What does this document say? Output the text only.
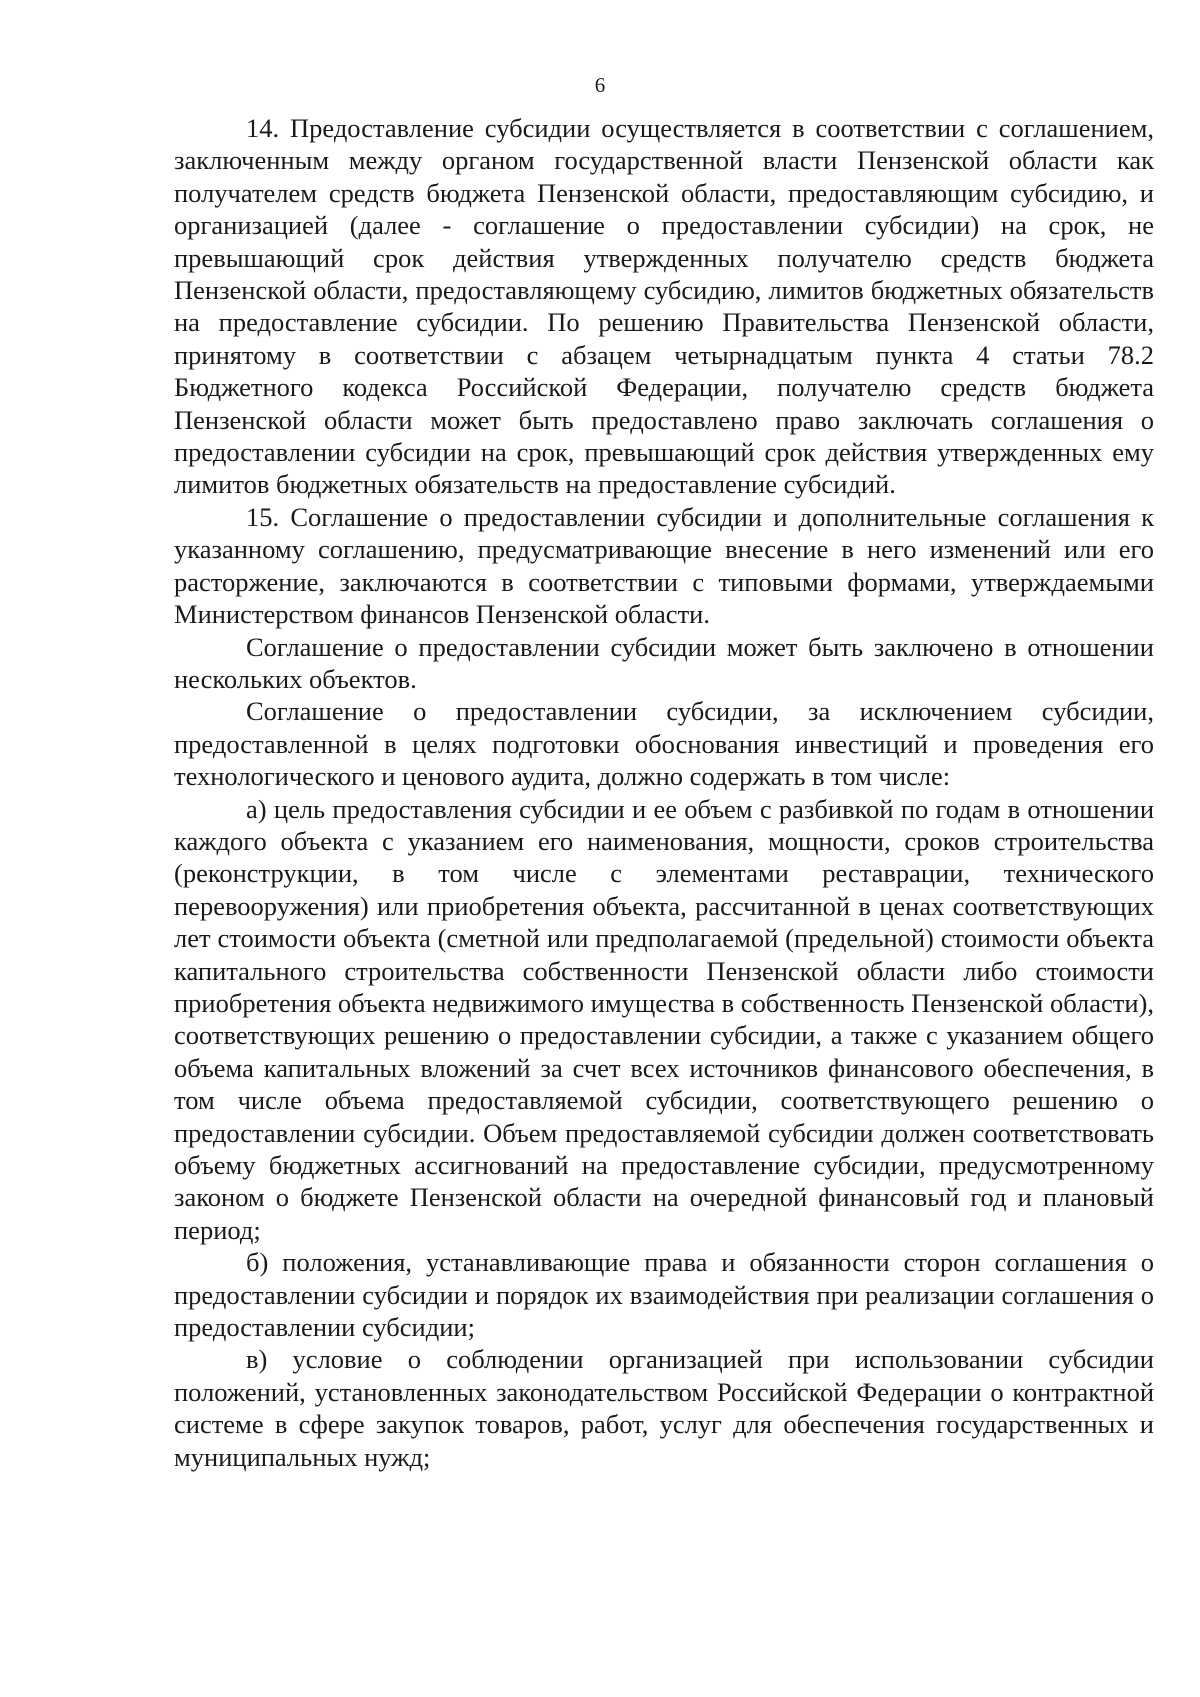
6

14. Предоставление субсидии осуществляется в соответствии с соглашением, заключенным между органом государственной власти Пензенской области как получателем средств бюджета Пензенской области, предоставляющим субсидию, и организацией (далее - соглашение о предоставлении субсидии) на срок, не превышающий срок действия утвержденных получателю средств бюджета Пензенской области, предоставляющему субсидию, лимитов бюджетных обязательств на предоставление субсидии. По решению Правительства Пензенской области, принятому в соответствии с абзацем четырнадцатым пункта 4 статьи 78.2 Бюджетного кодекса Российской Федерации, получателю средств бюджета Пензенской области может быть предоставлено право заключать соглашения о предоставлении субсидии на срок, превышающий срок действия утвержденных ему лимитов бюджетных обязательств на предоставление субсидий.

15. Соглашение о предоставлении субсидии и дополнительные соглашения к указанному соглашению, предусматривающие внесение в него изменений или его расторжение, заключаются в соответствии с типовыми формами, утверждаемыми Министерством финансов Пензенской области.

Соглашение о предоставлении субсидии может быть заключено в отношении нескольких объектов.

Соглашение о предоставлении субсидии, за исключением субсидии, предоставленной в целях подготовки обоснования инвестиций и проведения его технологического и ценового аудита, должно содержать в том числе:

а) цель предоставления субсидии и ее объем с разбивкой по годам в отношении каждого объекта с указанием его наименования, мощности, сроков строительства (реконструкции, в том числе с элементами реставрации, технического перевооружения) или приобретения объекта, рассчитанной в ценах соответствующих лет стоимости объекта (сметной или предполагаемой (предельной) стоимости объекта капитального строительства собственности Пензенской области либо стоимости приобретения объекта недвижимого имущества в собственность Пензенской области), соответствующих решению о предоставлении субсидии, а также с указанием общего объема капитальных вложений за счет всех источников финансового обеспечения, в том числе объема предоставляемой субсидии, соответствующего решению о предоставлении субсидии. Объем предоставляемой субсидии должен соответствовать объему бюджетных ассигнований на предоставление субсидии, предусмотренному законом о бюджете Пензенской области на очередной финансовый год и плановый период;

б) положения, устанавливающие права и обязанности сторон соглашения о предоставлении субсидии и порядок их взаимодействия при реализации соглашения о предоставлении субсидии;

в) условие о соблюдении организацией при использовании субсидии положений, установленных законодательством Российской Федерации о контрактной системе в сфере закупок товаров, работ, услуг для обеспечения государственных и муниципальных нужд;
